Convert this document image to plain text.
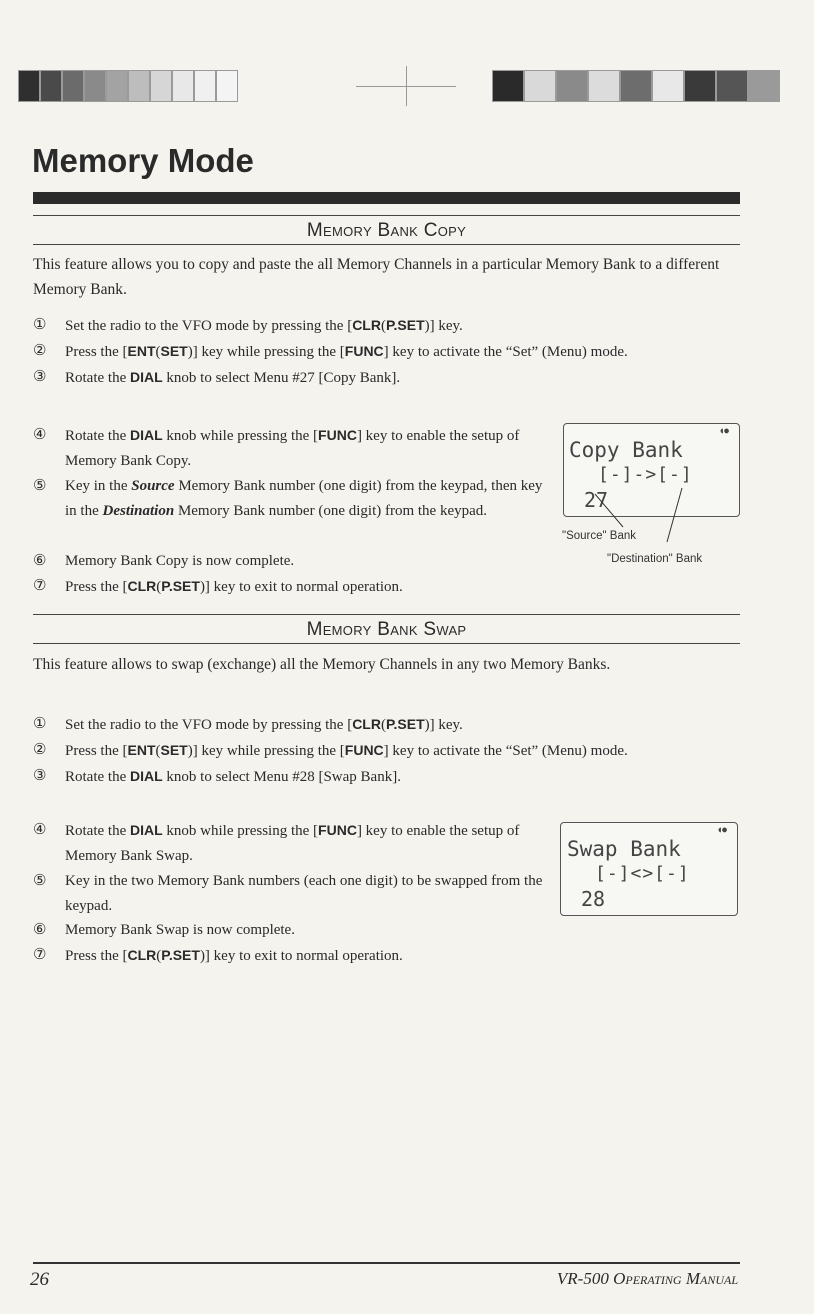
Memory Mode
Memory Bank Copy

This feature allows you to copy and paste the all Memory Channels in a particular Memory Bank to a different Memory Bank.

① Set the radio to the VFO mode by pressing the [CLR(P.SET)] key.
② Press the [ENT(SET)] key while pressing the [FUNC] key to activate the “Set” (Menu) mode.
③ Rotate the DIAL knob to select Menu #27 [Copy Bank].
④ Rotate the DIAL knob while pressing the [FUNC] key to enable the setup of Memory Bank Copy.
⑤ Key in the Source Memory Bank number (one digit) from the keypad, then key in the Destination Memory Bank number (one digit) from the keypad.
⑥ Memory Bank Copy is now complete.
⑦ Press the [CLR(P.SET)] key to exit to normal operation.
◖●
Copy Bank
[-]->[-]
27
"Source" Bank
"Destination" Bank
Memory Bank Swap

This feature allows to swap (exchange) all the Memory Channels in any two Memory Banks.

① Set the radio to the VFO mode by pressing the [CLR(P.SET)] key.
② Press the [ENT(SET)] key while pressing the [FUNC] key to activate the “Set” (Menu) mode.
③ Rotate the DIAL knob to select Menu #28 [Swap Bank].
④ Rotate the DIAL knob while pressing the [FUNC] key to enable the setup of Memory Bank Swap.
⑤ Key in the two Memory Bank numbers (each one digit) to be swapped from the keypad.
⑥ Memory Bank Swap is now complete.
⑦ Press the [CLR(P.SET)] key to exit to normal operation.
◖●
Swap Bank
[-]<>[-]
28
26	VR-500 Operating Manual
